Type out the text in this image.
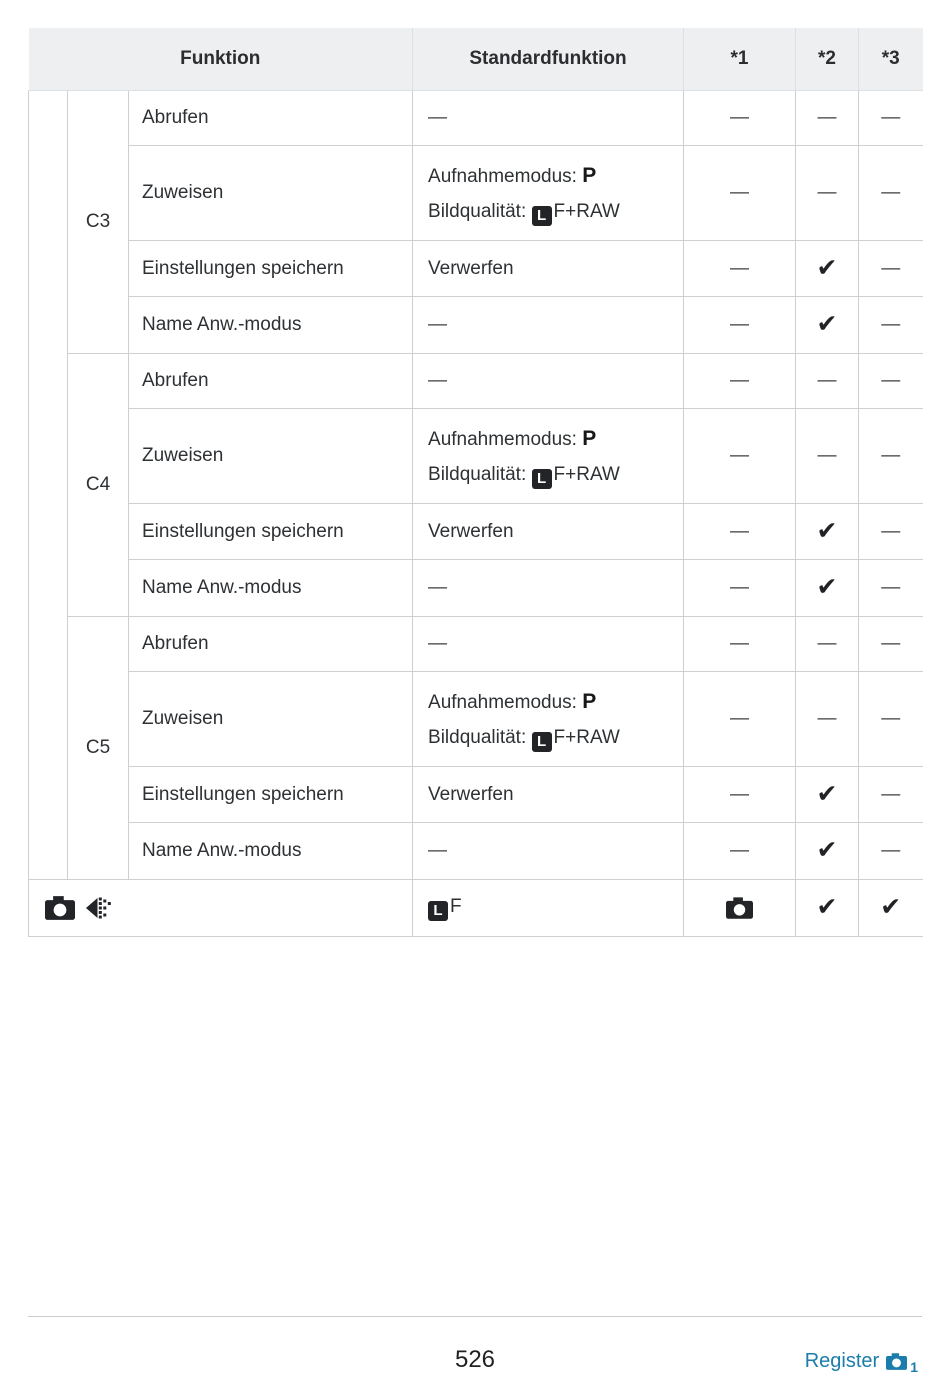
Funktion			Standardfunktion	*1	*2	*3
	C3	Abrufen	—	—	—	—
		Zuweisen	Aufnahmemodus: P
Bildqualität: L F+RAW	—	—	—
		Einstellungen speichern	Verwerfen	—	✔	—
		Name Anw.-modus	—	—	✔	—
	C4	Abrufen	—	—	—	—
		Zuweisen	Aufnahmemodus: P
Bildqualität: L F+RAW	—	—	—
		Einstellungen speichern	Verwerfen	—	✔	—
		Name Anw.-modus	—	—	✔	—
	C5	Abrufen	—	—	—	—
		Zuweisen	Aufnahmemodus: P
Bildqualität: L F+RAW	—	—	—
		Einstellungen speichern	Verwerfen	—	✔	—
		Name Anw.-modus	—	—	✔	—

	L F		✔	✔
526	Register 1
